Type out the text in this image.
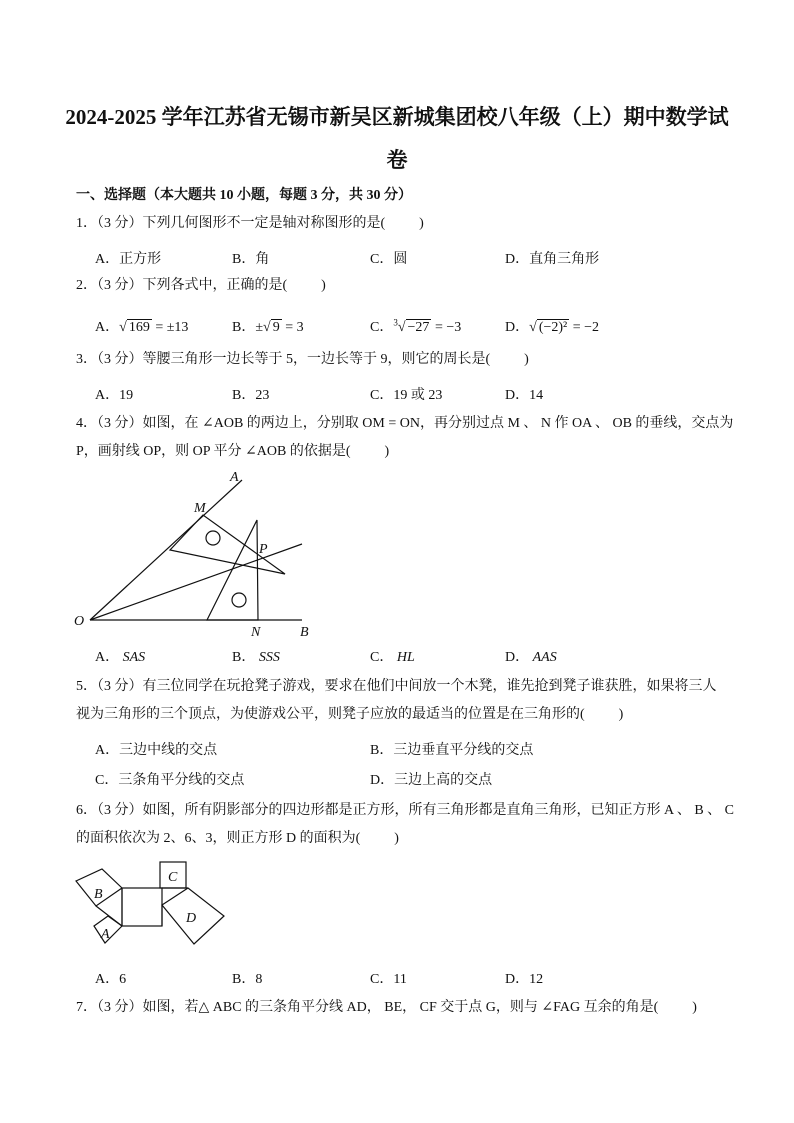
2024-2025 学年江苏省无锡市新吴区新城集团校八年级（上）期中数学试
卷
一、选择题（本大题共 10 小题，每题 3 分，共 30 分）
1．（3 分）下列几何图形不一定是轴对称图形的是( )
A．正方形	B．角	C．圆	D．直角三角形
2．（3 分）下列各式中，正确的是( )
A．√ 169 = ±13	B．±√ 9 = 3	C．$^3$√ −27 = −3	D．√ (−2)² = −2
3．（3 分）等腰三角形一边长等于 5，一边长等于 9，则它的周长是( )
A．19	B．23	C．19 或 23	D．14
4．（3 分）如图，在 ∠AOB 的两边上，分别取 OM = ON，再分别过点 M 、 N 作 OA 、 OB 的垂线，交点为
P，画射线 OP，则 OP 平分 ∠AOB 的依据是( )
A
M
P
O
N	B
A． SAS	B． SSS	C． HL	D． AAS
5．（3 分）有三位同学在玩抢凳子游戏，要求在他们中间放一个木凳，谁先抢到凳子谁获胜，如果将三人
视为三角形的三个顶点，为使游戏公平，则凳子应放的最适当的位置是在三角形的( )
A．三边中线的交点	B．三边垂直平分线的交点
C．三条角平分线的交点	D．三边上高的交点
6．（3 分）如图，所有阴影部分的四边形都是正方形，所有三角形都是直角三角形，已知正方形 A 、 B 、 C
的面积依次为 2、6、3，则正方形 D 的面积为( )
C
B
D
A
A．6	B．8	C．11	D．12
7．（3 分）如图，若△ ABC 的三条角平分线 AD， BE， CF 交于点 G，则与 ∠FAG 互余的角是( )
